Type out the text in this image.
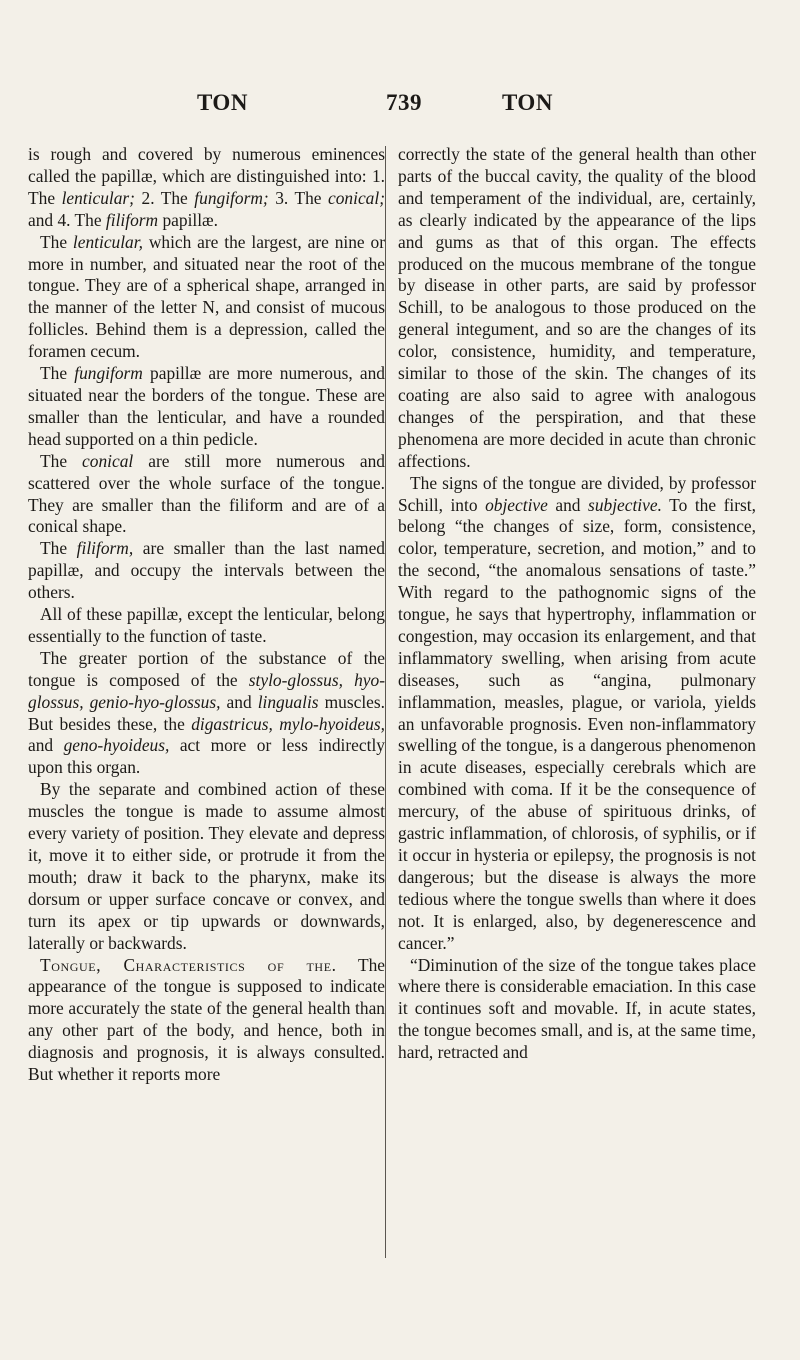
TON	739	TON

is rough and covered by numerous eminences called the papillæ, which are distinguished into: 1. The lenticular; 2. The fungiform; 3. The conical; and 4. The filiform papillæ.

The lenticular, which are the largest, are nine or more in number, and situated near the root of the tongue. They are of a spherical shape, arranged in the manner of the letter N, and consist of mucous follicles. Behind them is a depression, called the foramen cecum.

The fungiform papillæ are more numerous, and situated near the borders of the tongue. These are smaller than the lenticular, and have a rounded head supported on a thin pedicle.

The conical are still more numerous and scattered over the whole surface of the tongue. They are smaller than the filiform and are of a conical shape.

The filiform, are smaller than the last named papillæ, and occupy the intervals between the others.

All of these papillæ, except the lenticular, belong essentially to the function of taste.

The greater portion of the substance of the tongue is composed of the stylo-glossus, hyo-glossus, genio-hyo-glossus, and lingualis muscles. But besides these, the digastricus, mylo-hyoideus, and geno-hyoideus, act more or less indirectly upon this organ.

By the separate and combined action of these muscles the tongue is made to assume almost every variety of position. They elevate and depress it, move it to either side, or protrude it from the mouth; draw it back to the pharynx, make its dorsum or upper surface concave or convex, and turn its apex or tip upwards or downwards, laterally or backwards.

Tongue, Characteristics of the. The appearance of the tongue is supposed to indicate more accurately the state of the general health than any other part of the body, and hence, both in diagnosis and prognosis, it is always consulted. But whether it reports more

correctly the state of the general health than other parts of the buccal cavity, the quality of the blood and temperament of the individual, are, certainly, as clearly indicated by the appearance of the lips and gums as that of this organ. The effects produced on the mucous membrane of the tongue by disease in other parts, are said by professor Schill, to be analogous to those produced on the general integument, and so are the changes of its color, consistence, humidity, and temperature, similar to those of the skin. The changes of its coating are also said to agree with analogous changes of the perspiration, and that these phenomena are more decided in acute than chronic affections.

The signs of the tongue are divided, by professor Schill, into objective and subjective. To the first, belong “the changes of size, form, consistence, color, temperature, secretion, and motion,” and to the second, “the anomalous sensations of taste.” With regard to the pathognomic signs of the tongue, he says that hypertrophy, inflammation or congestion, may occasion its enlargement, and that inflammatory swelling, when arising from acute diseases, such as “angina, pulmonary inflammation, measles, plague, or variola, yields an unfavorable prognosis. Even non-inflammatory swelling of the tongue, is a dangerous phenomenon in acute diseases, especially cerebrals which are combined with coma. If it be the consequence of mercury, of the abuse of spirituous drinks, of gastric inflammation, of chlorosis, of syphilis, or if it occur in hysteria or epilepsy, the prognosis is not dangerous; but the disease is always the more tedious where the tongue swells than where it does not. It is enlarged, also, by degenerescence and cancer.”

“Diminution of the size of the tongue takes place where there is considerable emaciation. In this case it continues soft and movable. If, in acute states, the tongue becomes small, and is, at the same time, hard, retracted and
